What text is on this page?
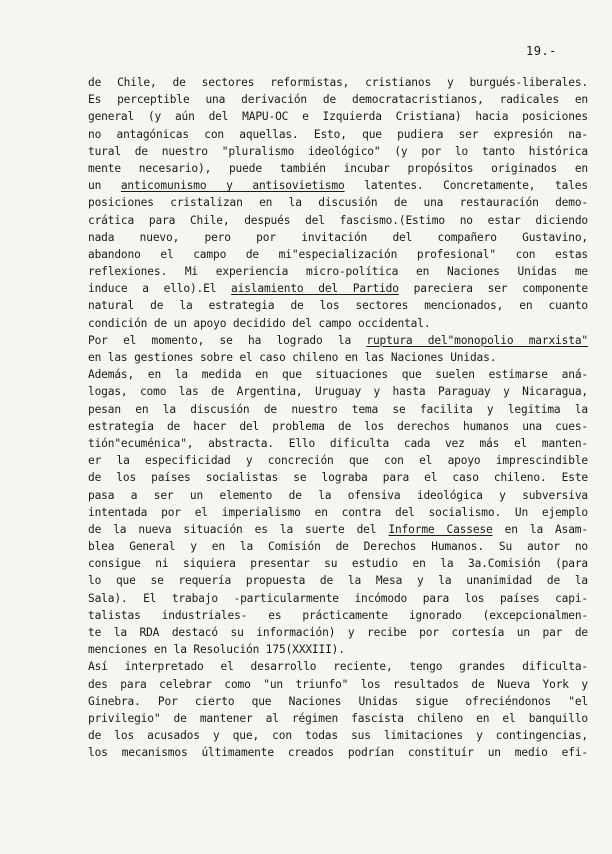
19.-
de Chile, de sectores reformistas, cristianos y burgués-liberales.
Es perceptible una derivación de democratacristianos, radicales en
general (y aún del MAPU-OC e Izquierda Cristiana) hacia posiciones
no antagónicas con aquellas. Esto, que pudiera ser expresión na-
tural de nuestro "pluralismo ideológico" (y por lo tanto histórica
mente necesario), puede también incubar propósitos originados en
un anticomunismo y antisovietismo latentes. Concretamente, tales
posiciones cristalizan en la discusión de una restauración demo-
crática para Chile, después del fascismo.(Estimo no estar diciendo
nada nuevo, pero por invitación del compañero Gustavino,
abandono el campo de mi"especialización profesional" con estas
reflexiones. Mi experiencia micro-política en Naciones Unidas me
induce a ello).El aislamiento del Partido pareciera ser componente
natural de la estrategia de los sectores mencionados, en cuanto
condición de un apoyo decidido del campo occidental.
Por el momento, se ha logrado la ruptura del"monopolio marxista"
en las gestiones sobre el caso chileno en las Naciones Unidas.
Además, en la medida en que situaciones que suelen estimarse aná-
logas, como las de Argentina, Uruguay y hasta Paraguay y Nicaragua,
pesan en la discusión de nuestro tema se facilita y legitima la
estrategia de hacer del problema de los derechos humanos una cues-
tión"ecuménica", abstracta. Ello dificulta cada vez más el manten-
er la especificidad y concreción que con el apoyo imprescindible
de los países socialistas se lograba para el caso chileno. Este
pasa a ser un elemento de la ofensiva ideológica y subversiva
intentada por el imperialismo en contra del socialismo. Un ejemplo
de la nueva situación es la suerte del Informe Cassese en la Asam-
blea General y en la Comisión de Derechos Humanos. Su autor no
consigue ni siquiera presentar su estudio en la 3a.Comisión (para
lo que se requería propuesta de la Mesa y la unanimidad de la
Sala). El trabajo -particularmente incómodo para los países capi-
talistas industriales- es prácticamente ignorado (excepcionalmen-
te la RDA destacó su información) y recibe por cortesía un par de
menciones en la Resolución 175(XXXIII).
Así interpretado el desarrollo reciente, tengo grandes dificulta-
des para celebrar como "un triunfo" los resultados de Nueva York y
Ginebra. Por cierto que Naciones Unidas sigue ofreciéndonos "el
privilegio" de mantener al régimen fascista chileno en el banquillo
de los acusados y que, con todas sus limitaciones y contingencias,
los mecanismos últimamente creados podrían constituír un medio efi-
